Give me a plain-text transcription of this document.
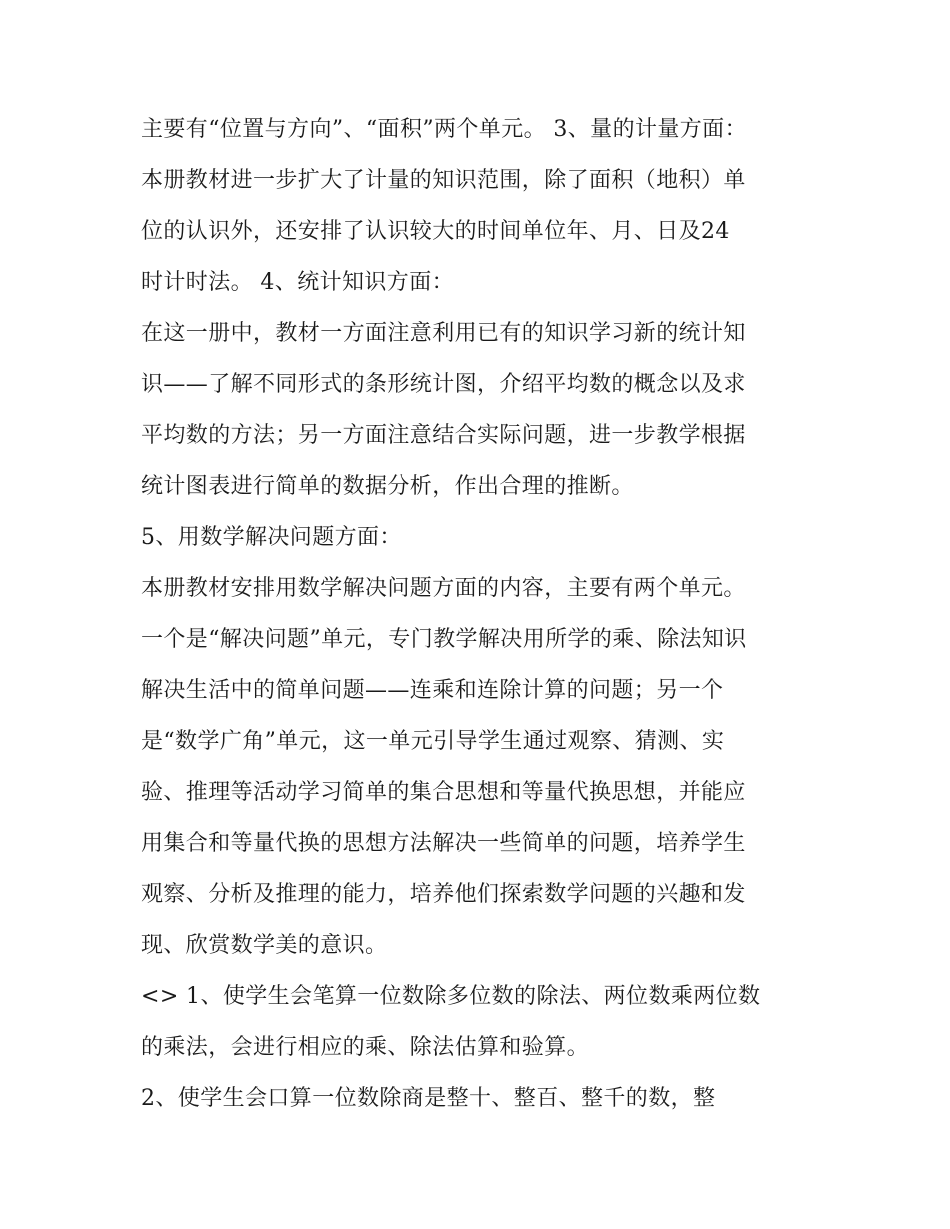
主要有“位置与方向”、“面积”两个单元。 3、量的计量方面：
本册教材进一步扩大了计量的知识范围，除了面积（地积）单
位的认识外，还安排了认识较大的时间单位年、月、日及24
时计时法。 4、统计知识方面：
在这一册中，教材一方面注意利用已有的知识学习新的统计知
识——了解不同形式的条形统计图，介绍平均数的概念以及求
平均数的方法；另一方面注意结合实际问题，进一步教学根据
统计图表进行简单的数据分析，作出合理的推断。
5、用数学解决问题方面：
本册教材安排用数学解决问题方面的内容，主要有两个单元。
一个是“解决问题”单元，专门教学解决用所学的乘、除法知识
解决生活中的简单问题——连乘和连除计算的问题；另一个
是“数学广角”单元，这一单元引导学生通过观察、猜测、实
验、推理等活动学习简单的集合思想和等量代换思想，并能应
用集合和等量代换的思想方法解决一些简单的问题，培养学生
观察、分析及推理的能力，培养他们探索数学问题的兴趣和发
现、欣赏数学美的意识。
<> 1、使学生会笔算一位数除多位数的除法、两位数乘两位数
的乘法，会进行相应的乘、除法估算和验算。
2、使学生会口算一位数除商是整十、整百、整千的数，整
